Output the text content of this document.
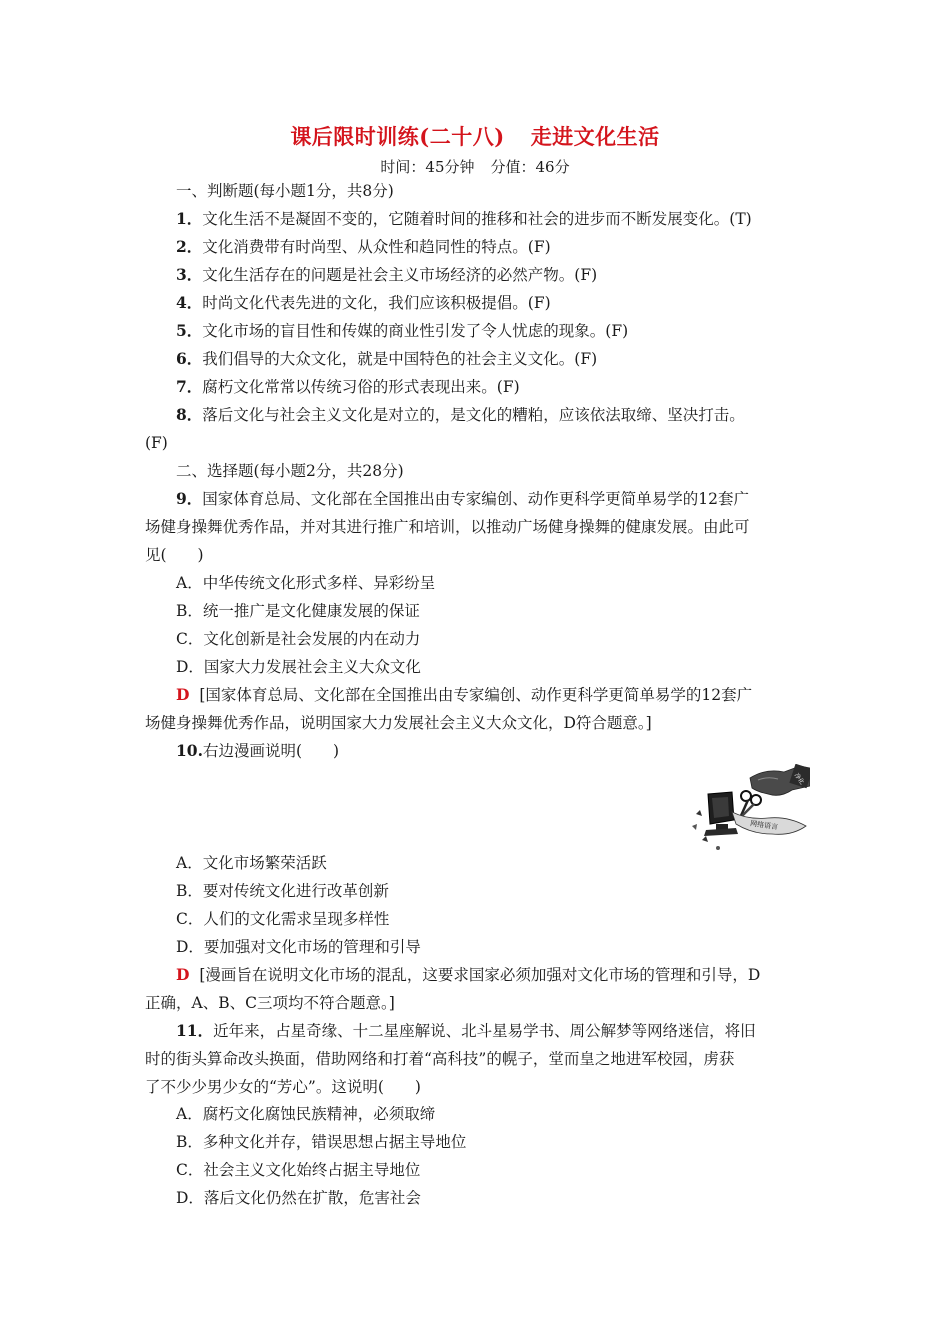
课后限时训练(二十八) 走进文化生活
时间：45分钟 分值：46分
一、判断题(每小题1分，共8分)
1．文化生活不是凝固不变的，它随着时间的推移和社会的进步而不断发展变化。(T)
2．文化消费带有时尚型、从众性和趋同性的特点。(F)
3．文化生活存在的问题是社会主义市场经济的必然产物。(F)
4．时尚文化代表先进的文化，我们应该积极提倡。(F)
5．文化市场的盲目性和传媒的商业性引发了令人忧虑的现象。(F)
6．我们倡导的大众文化，就是中国特色的社会主义文化。(F)
7．腐朽文化常常以传统习俗的形式表现出来。(F)
8．落后文化与社会主义文化是对立的，是文化的糟粕，应该依法取缔、坚决打击。
(F)
二、选择题(每小题2分，共28分)
9．国家体育总局、文化部在全国推出由专家编创、动作更科学更简单易学的12套广
场健身操舞优秀作品，并对其进行推广和培训，以推动广场健身操舞的健康发展。由此可
见(　　)
A．中华传统文化形式多样、异彩纷呈
B．统一推广是文化健康发展的保证
C．文化创新是社会发展的内在动力
D．国家大力发展社会主义大众文化
D [国家体育总局、文化部在全国推出由专家编创、动作更科学更简单易学的12套广
场健身操舞优秀作品，说明国家大力发展社会主义大众文化，D符合题意。]
10.右边漫画说明(　　)
净化
网络语言
A．文化市场繁荣活跃
B．要对传统文化进行改革创新
C．人们的文化需求呈现多样性
D．要加强对文化市场的管理和引导
D [漫画旨在说明文化市场的混乱，这要求国家必须加强对文化市场的管理和引导，D
正确，A、B、C三项均不符合题意。]
11．近年来，占星奇缘、十二星座解说、北斗星易学书、周公解梦等网络迷信，将旧
时的街头算命改头换面，借助网络和打着“高科技”的幌子，堂而皇之地进军校园，虏获
了不少少男少女的“芳心”。这说明(　　)
A．腐朽文化腐蚀民族精神，必须取缔
B．多种文化并存，错误思想占据主导地位
C．社会主义文化始终占据主导地位
D．落后文化仍然在扩散，危害社会
